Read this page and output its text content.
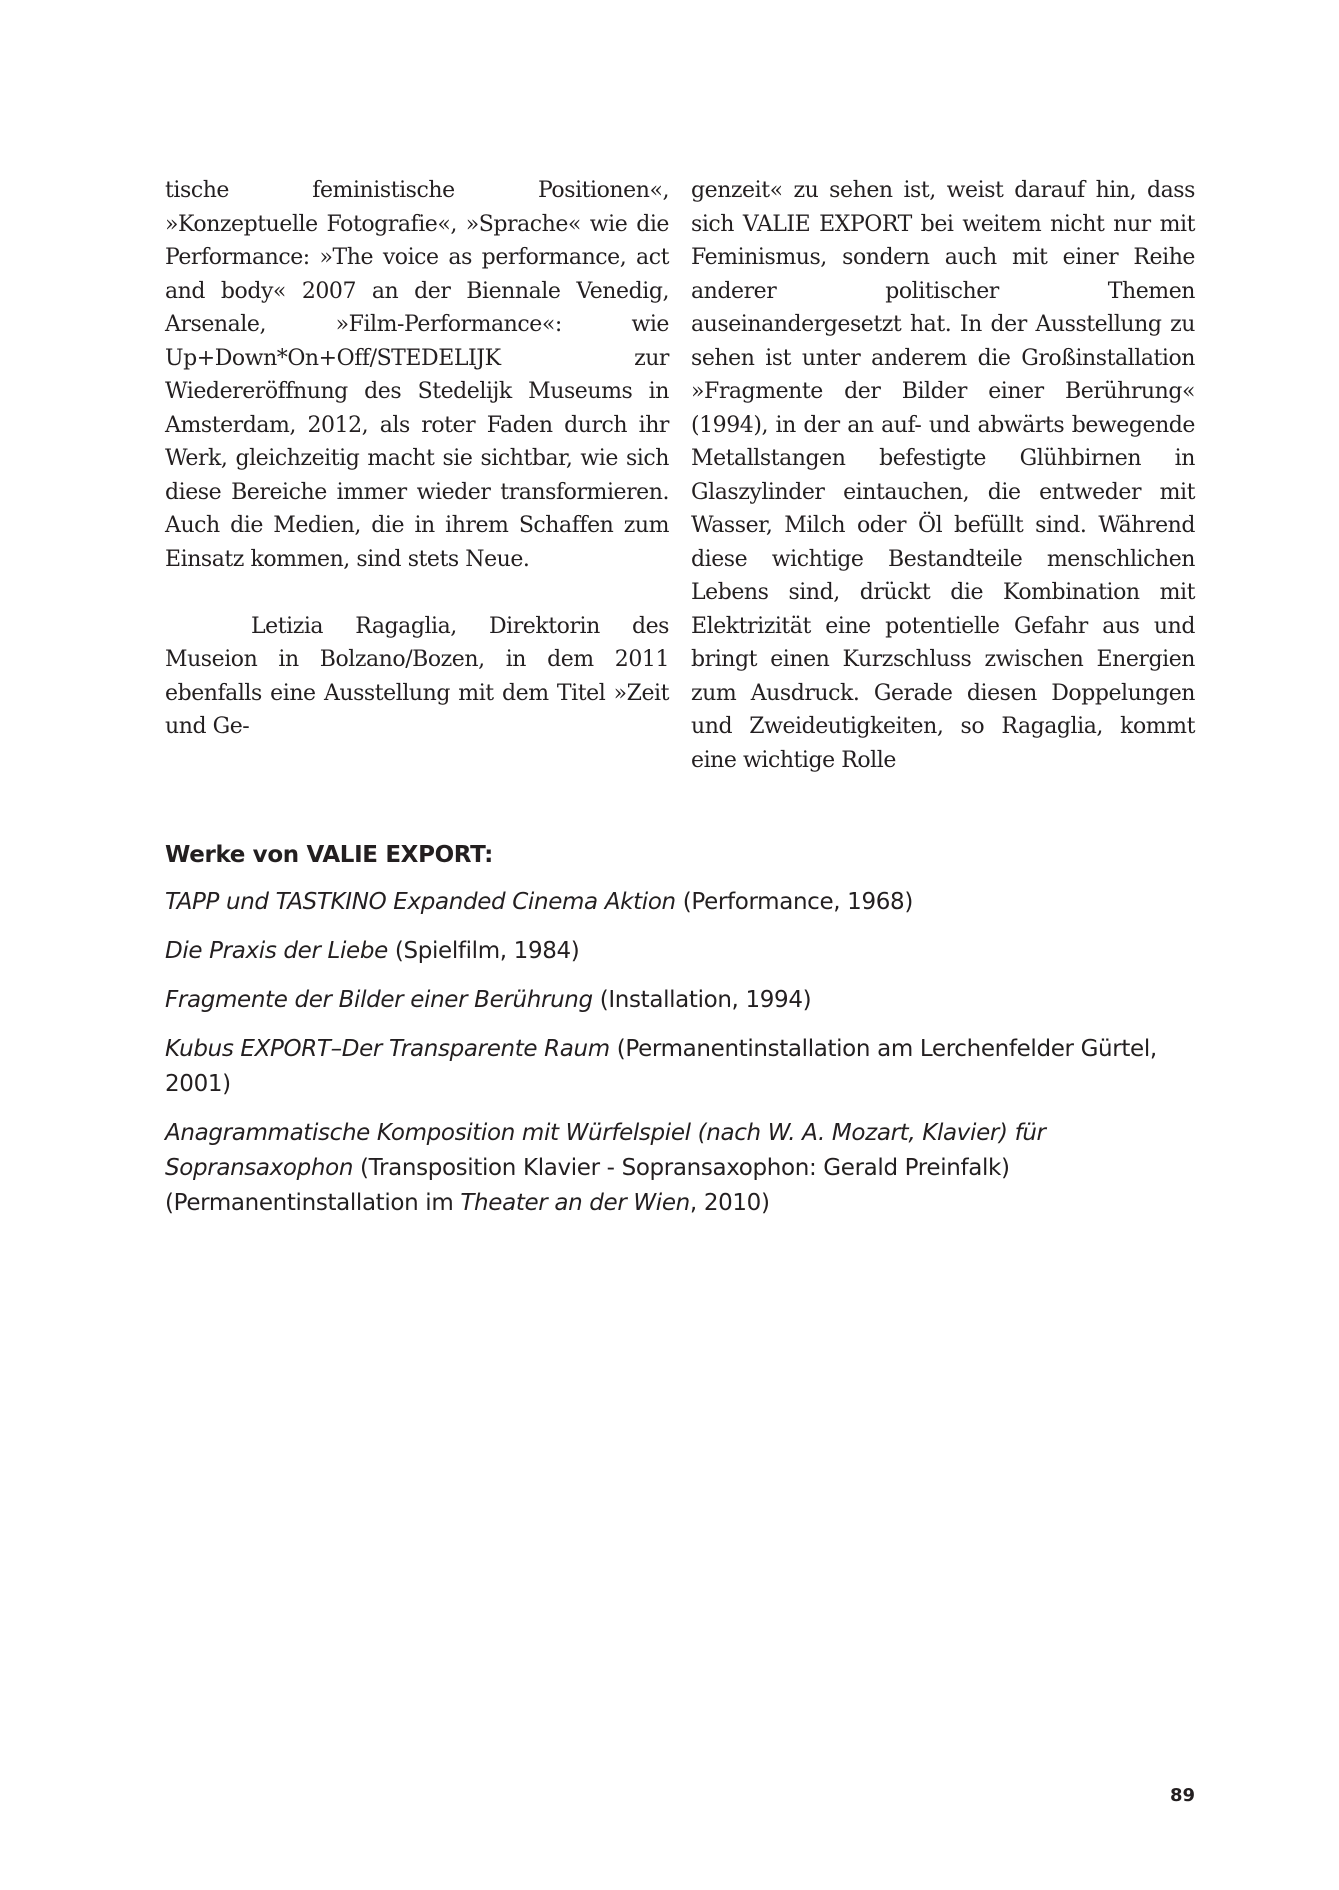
tische feministische Positionen«, »Konzeptuelle Fotografie«, »Sprache« wie die Performance: »The voice as performance, act and body« 2007 an der Biennale Venedig, Arsenale, »Film-Performance«: wie Up+Down*On+Off/STEDELIJK zur Wiedereröffnung des Stedelijk Museums in Amsterdam, 2012, als roter Faden durch ihr Werk, gleichzeitig macht sie sichtbar, wie sich diese Bereiche immer wieder transformieren. Auch die Medien, die in ihrem Schaffen zum Einsatz kommen, sind stets Neue.

Letizia Ragaglia, Direktorin des Museion in Bolzano/Bozen, in dem 2011 ebenfalls eine Ausstellung mit dem Titel »Zeit und Ge-

genzeit« zu sehen ist, weist darauf hin, dass sich VALIE EXPORT bei weitem nicht nur mit Feminismus, sondern auch mit einer Reihe anderer politischer Themen auseinandergesetzt hat. In der Ausstellung zu sehen ist unter anderem die Großinstallation »Fragmente der Bilder einer Berührung« (1994), in der an auf- und abwärts bewegende Metallstangen befestigte Glühbirnen in Glaszylinder eintauchen, die entweder mit Wasser, Milch oder Öl befüllt sind. Während diese wichtige Bestandteile menschlichen Lebens sind, drückt die Kombination mit Elektrizität eine potentielle Gefahr aus und bringt einen Kurzschluss zwischen Energien zum Ausdruck. Gerade diesen Doppelungen und Zweideutigkeiten, so Ragaglia, kommt eine wichtige Rolle

Werke von VALIE EXPORT:

TAPP und TASTKINO Expanded Cinema Aktion (Performance, 1968)

Die Praxis der Liebe (Spielfilm, 1984)

Fragmente der Bilder einer Berührung (Installation, 1994)

Kubus EXPORT–Der Transparente Raum (Permanentinstallation am Lerchenfelder Gürtel, 2001)

Anagrammatische Komposition mit Würfelspiel (nach W. A. Mozart, Klavier) für Sopransaxophon (Transposition Klavier - Sopransaxophon: Gerald Preinfalk) (Permanentinstallation im Theater an der Wien, 2010)

89
